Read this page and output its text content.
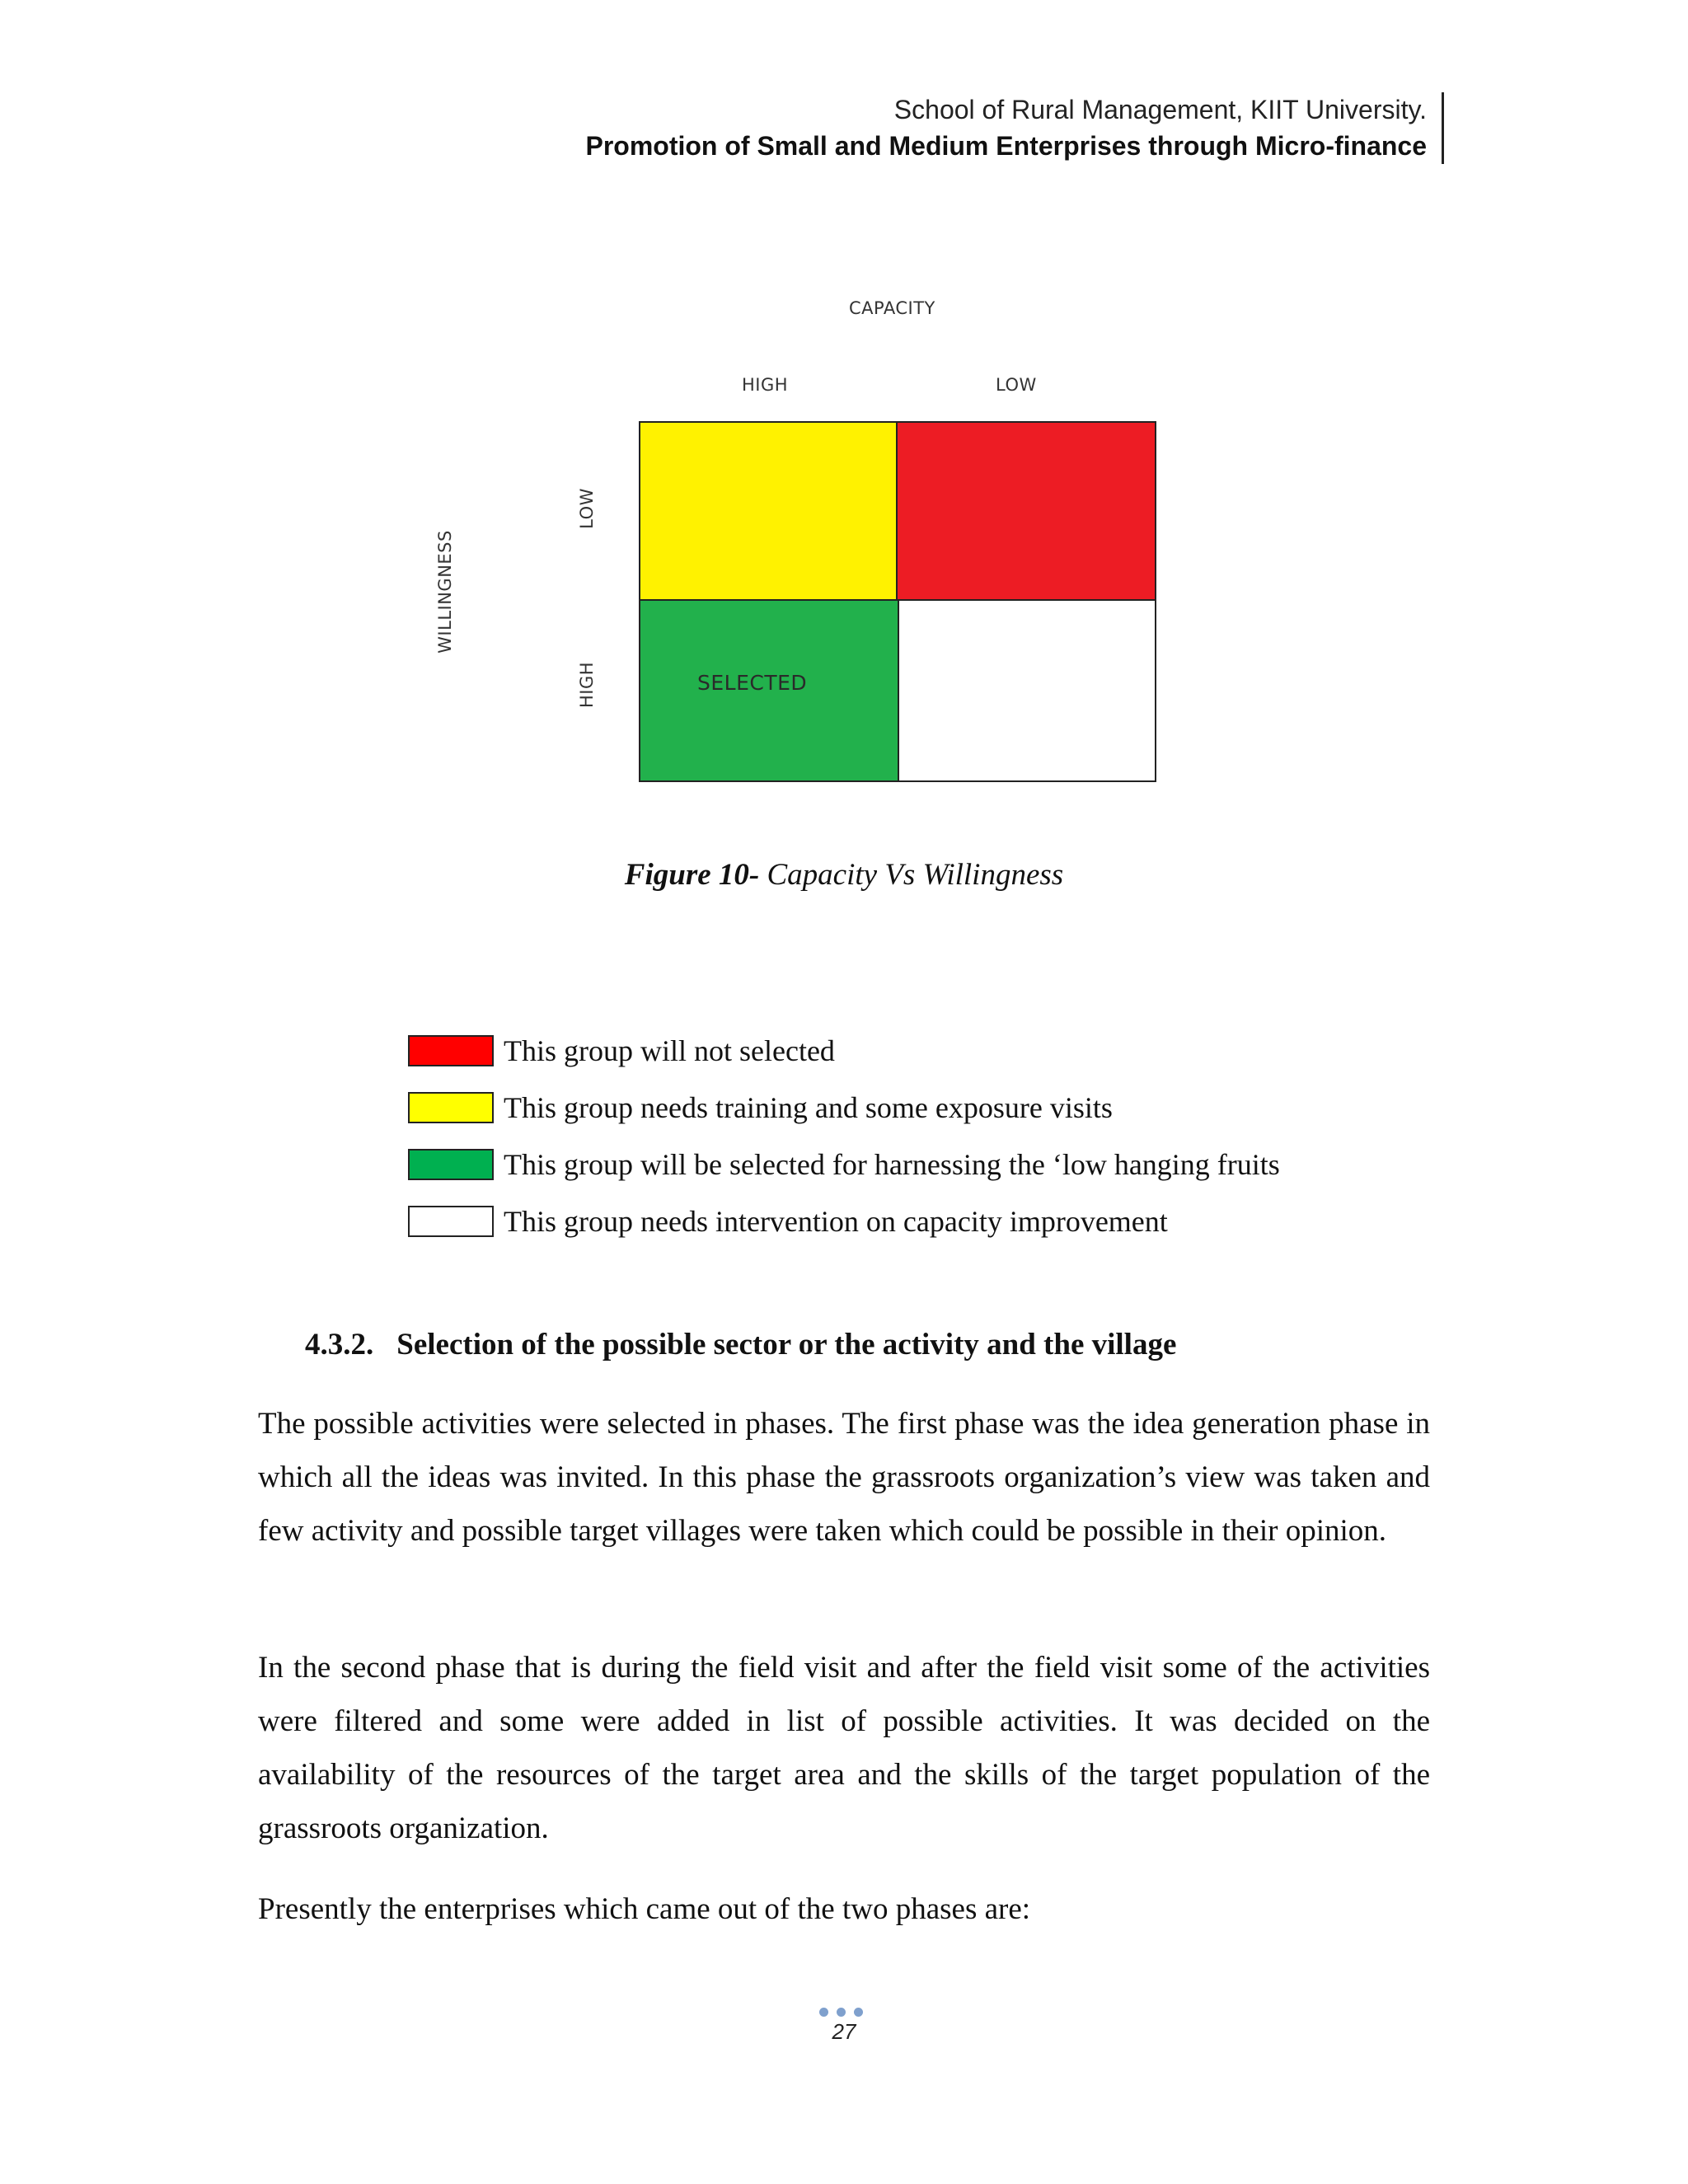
School of Rural Management, KIIT University.
Promotion of Small and Medium Enterprises through Micro-finance
CAPACITY
HIGH	LOW
WILLINGNESS
LOW
HIGH	SELECTED
Figure 10- Capacity Vs Willingness
This group will not selected
This group needs training and some exposure visits
This group will be selected for harnessing the ‘low hanging fruits
This group needs intervention on capacity improvement
4.3.2. Selection of the possible sector or the activity and the village

The possible activities were selected in phases. The first phase was the idea generation phase in which all the ideas was invited. In this phase the grassroots organization’s view was taken and few activity and possible target villages were taken which could be possible in their opinion.

In the second phase that is during the field visit and after the field visit some of the activities were filtered and some were added in list of possible activities. It was decided on the availability of the resources of the target area and the skills of the target population of the grassroots organization.

Presently the enterprises which came out of the two phases are:

27
